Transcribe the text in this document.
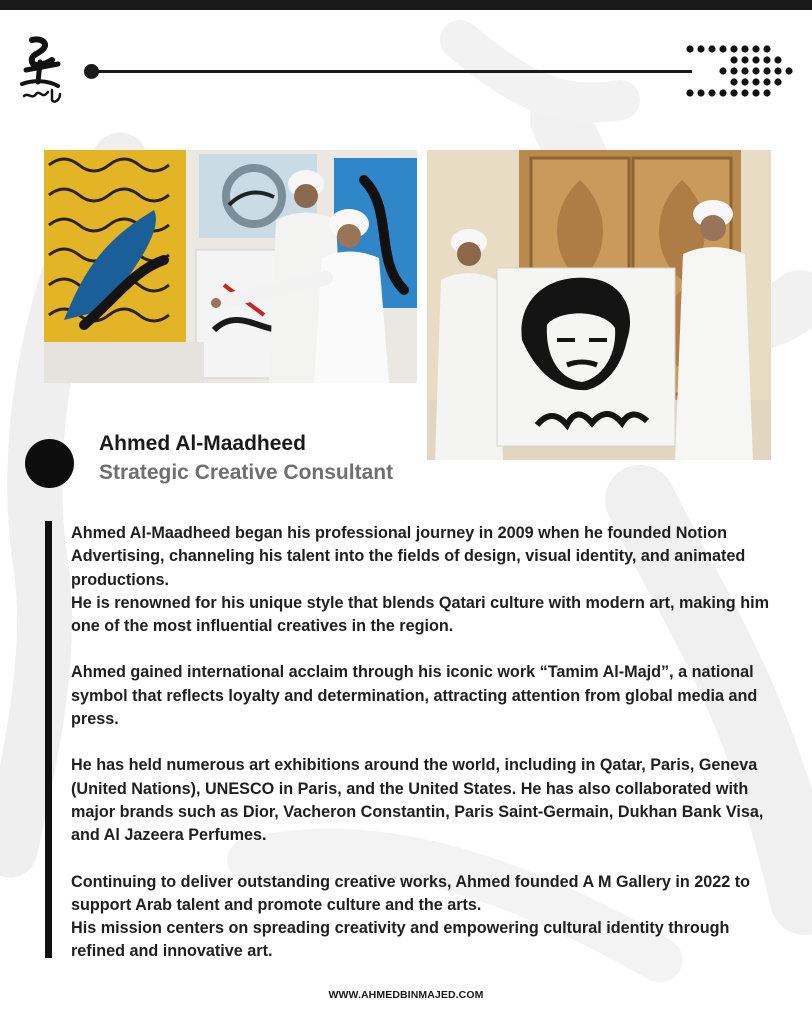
Ahmed Al-Maadheed
Strategic Creative Consultant

Ahmed Al-Maadheed began his professional journey in 2009 when he founded Notion Advertising, channeling his talent into the fields of design, visual identity, and animated productions.
He is renowned for his unique style that blends Qatari culture with modern art, making him one of the most influential creatives in the region.

Ahmed gained international acclaim through his iconic work “Tamim Al-Majd”, a national symbol that reflects loyalty and determination, attracting attention from global media and press.

He has held numerous art exhibitions around the world, including in Qatar, Paris, Geneva (United Nations), UNESCO in Paris, and the United States. He has also collaborated with major brands such as Dior, Vacheron Constantin, Paris Saint-Germain, Dukhan Bank Visa, and Al Jazeera Perfumes.

Continuing to deliver outstanding creative works, Ahmed founded A M Gallery in 2022 to support Arab talent and promote culture and the arts.
His mission centers on spreading creativity and empowering cultural identity through refined and innovative art.

WWW.AHMEDBINMAJED.COM
